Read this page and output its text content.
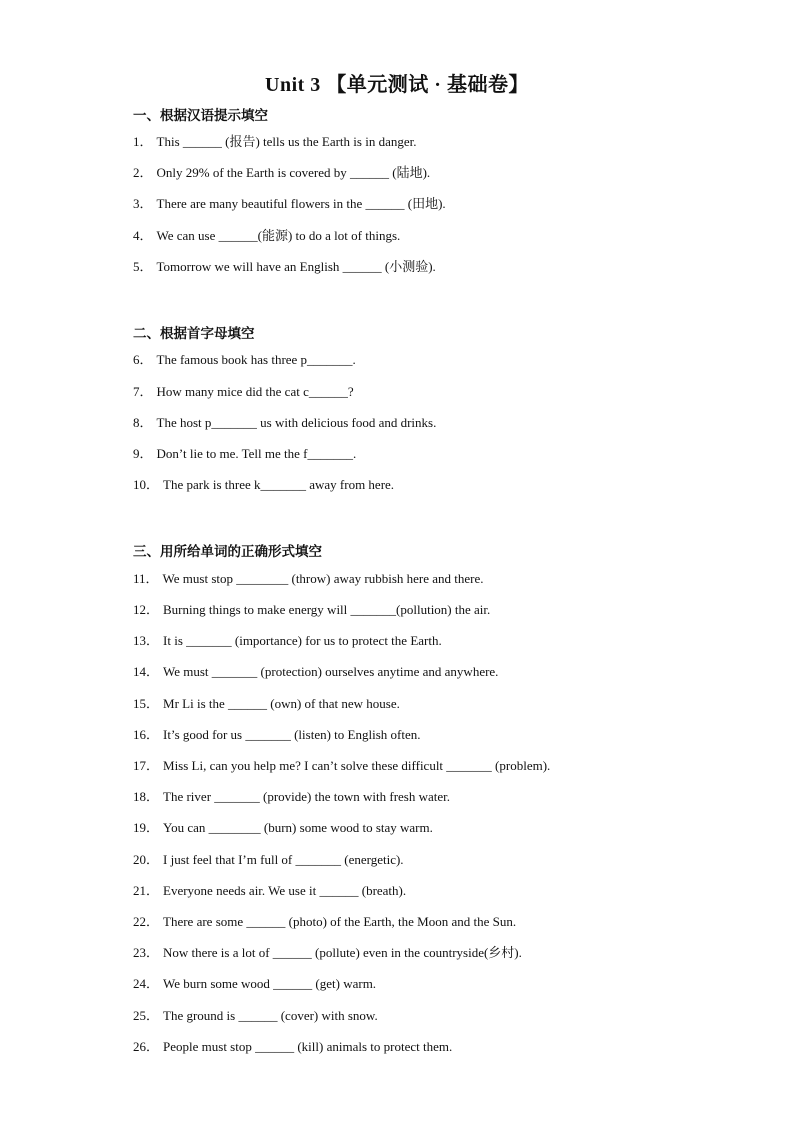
Unit 3 【单元测试 · 基础卷】
一、根据汉语提示填空
1． This ______ (报告) tells us the Earth is in danger.
2． Only 29% of the Earth is covered by ______ (陆地).
3． There are many beautiful flowers in the ______ (田地).
4． We can use ______(能源) to do a lot of things.
5． Tomorrow we will have an English ______ (小测验).
二、根据首字母填空
6． The famous book has three p_______.
7． How many mice did the cat c______?
8． The host p_______ us with delicious food and drinks.
9． Don’t lie to me. Tell me the f_______.
10． The park is three k_______ away from here.
三、用所给单词的正确形式填空
11． We must stop ________ (throw) away rubbish here and there.
12． Burning things to make energy will _______(pollution) the air.
13． It is _______ (importance) for us to protect the Earth.
14． We must _______ (protection) ourselves anytime and anywhere.
15． Mr Li is the ______ (own) of that new house.
16． It’s good for us _______ (listen) to English often.
17． Miss Li, can you help me? I can’t solve these difficult _______ (problem).
18． The river _______ (provide) the town with fresh water.
19． You can ________ (burn) some wood to stay warm.
20． I just feel that I’m full of _______ (energetic).
21． Everyone needs air. We use it ______ (breath).
22． There are some ______ (photo) of the Earth, the Moon and the Sun.
23． Now there is a lot of ______ (pollute) even in the countryside(乡村).
24． We burn some wood ______ (get) warm.
25． The ground is ______ (cover) with snow.
26． People must stop ______ (kill) animals to protect them.
